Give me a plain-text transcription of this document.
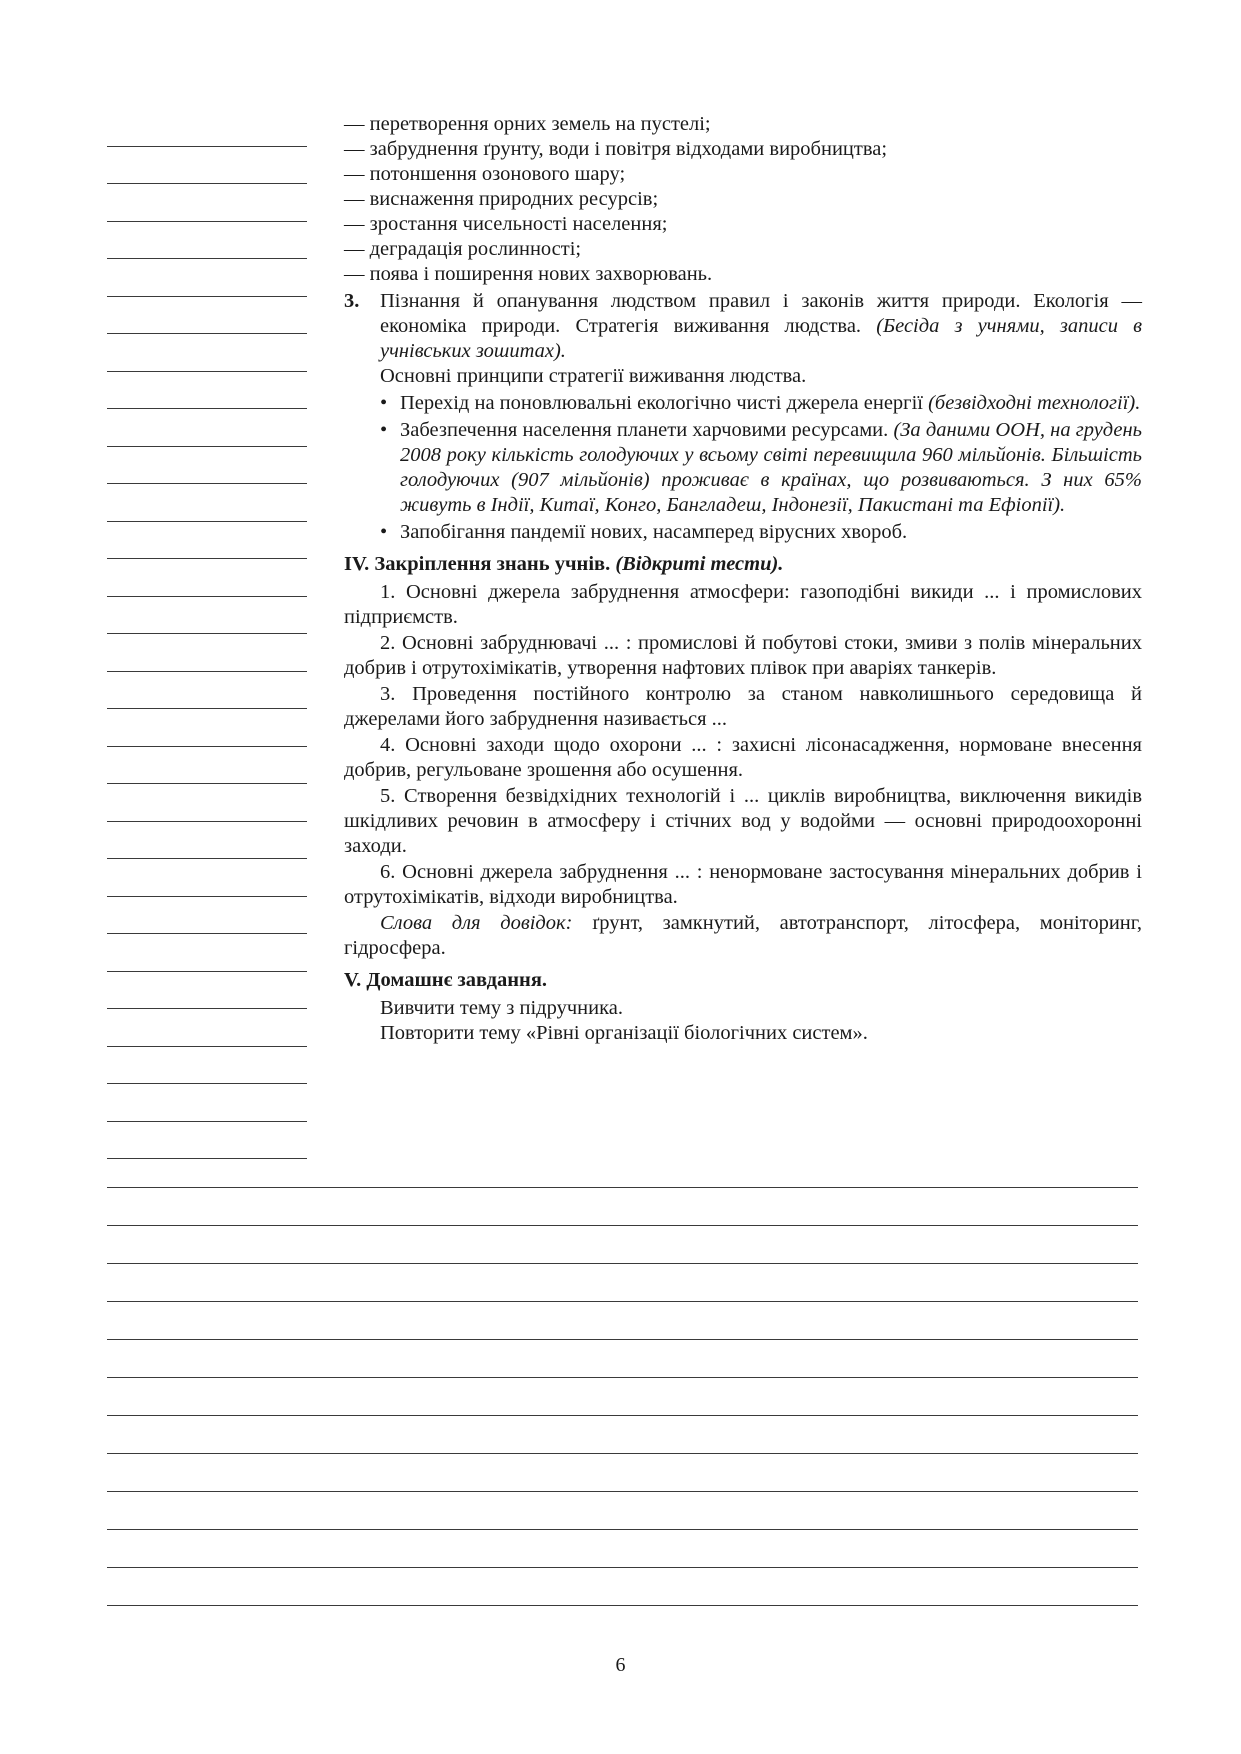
— перетворення орних земель на пустелі;
— забруднення ґрунту, води і повітря відходами виробництва;
— потоншення озонового шару;
— виснаження природних ресурсів;
— зростання чисельності населення;
— деградація рослинності;
— поява і поширення нових захворювань.
3. Пізнання й опанування людством правил і законів життя природи. Екологія — економіка природи. Стратегія виживання людства. (Бесіда з учнями, записи в учнівських зошитах).
Основні принципи стратегії виживання людства.
• Перехід на поновлювальні екологічно чисті джерела енергії (безвідходні технології).
• Забезпечення населення планети харчовими ресурсами. (За даними ООН, на грудень 2008 року кількість голодуючих у всьому світі перевищила 960 мільйонів. Більшість голодуючих (907 мільйонів) проживає в країнах, що розвиваються. З них 65% живуть в Індії, Китаї, Конго, Бангладеш, Індонезії, Пакистані та Ефіопії).
• Запобігання пандемії нових, насамперед вірусних хвороб.
IV. Закріплення знань учнів. (Відкриті тести).
1. Основні джерела забруднення атмосфери: газоподібні викиди ... і промислових підприємств.
2. Основні забруднювачі ... : промислові й побутові стоки, змиви з полів мінеральних добрив і отрутохімікатів, утворення нафтових плівок при аваріях танкерів.
3. Проведення постійного контролю за станом навколишнього середовища й джерелами його забруднення називається ...
4. Основні заходи щодо охорони ... : захисні лісонасадження, нормоване внесення добрив, регульоване зрошення або осушення.
5. Створення безвідхідних технологій і ... циклів виробництва, виключення викидів шкідливих речовин в атмосферу і стічних вод у водойми — основні природоохоронні заходи.
6. Основні джерела забруднення ... : ненормоване застосування мінеральних добрив і отрутохімікатів, відходи виробництва.
Слова для довідок: ґрунт, замкнутий, автотранспорт, літосфера, моніторинг, гідросфера.
V. Домашнє завдання.
Вивчити тему з підручника.
Повторити тему «Рівні організації біологічних систем».
6
